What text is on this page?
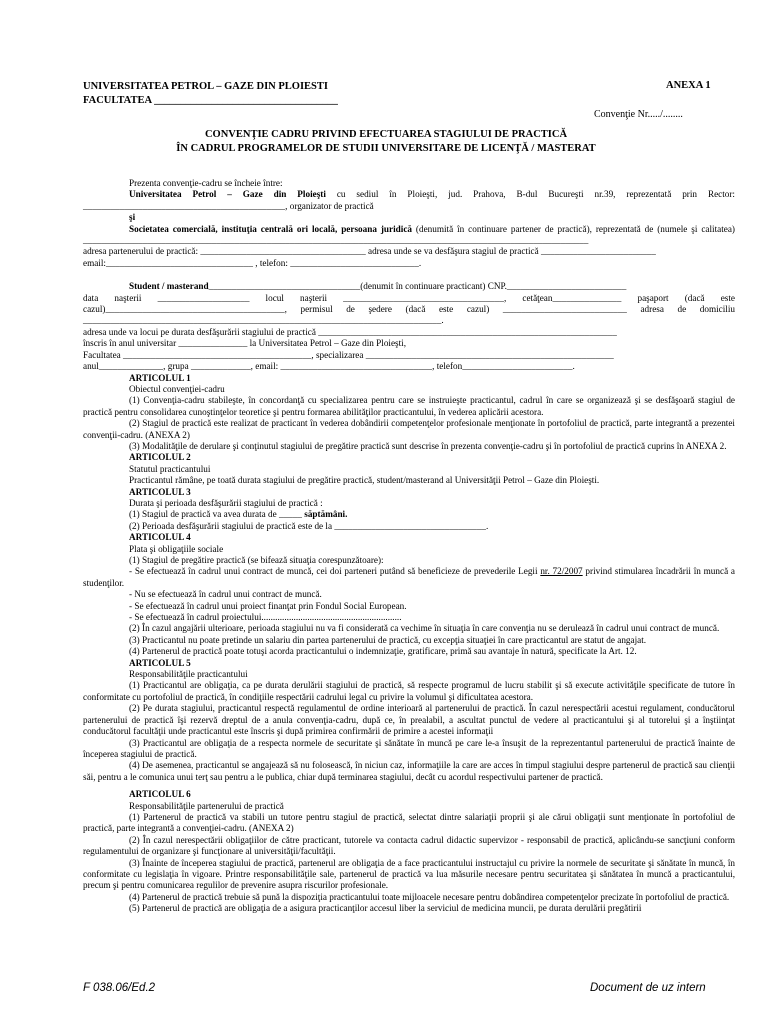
UNIVERSITATEA PETROL – GAZE DIN PLOIESTI
FACULTATEA ___________________________________
ANEXA 1
Convenţie Nr...../........
CONVENŢIE CADRU PRIVIND EFECTUAREA STAGIULUI DE PRACTICĂ
ÎN CADRUL PROGRAMELOR DE STUDII UNIVERSITARE DE LICENŢĂ / MASTERAT

Prezenta convenţie-cadru se încheie între:

Universitatea Petrol – Gaze din Ploieşti cu sediul în Ploieşti, jud. Prahova, B-dul Bucureşti nr.39, reprezentată prin Rector: ____________________________________________, organizator de practică

şi

Societatea comercială, instituţia centrală ori locală, persoana juridică (denumită în continuare partener de practică), reprezentată de (numele şi calitatea) ______________________________________________________________________________________________________________

adresa partenerului de practică: ____________________________________ adresa unde se va desfăşura stagiul de practică _________________________

email:________________________________ , telefon: ____________________________.

Student / masterand_________________________________(denumit în continuare practicant) CNP.__________________________

data naşterii ____________________ locul naşterii ___________________________________, cetăţean_______________ paşaport (dacă este cazul)_______________________________________, permisul de şedere (dacă este cazul) ___________________________ adresa de domiciliu ______________________________________________________________________________.

adresa unde va locui pe durata desfăşurării stagiului de practică _________________________________________________________________

înscris în anul universitar _______________ la Universitatea Petrol – Gaze din Ploieşti,

Facultatea _________________________________________, specializarea ______________________________________________________

anul______________, grupa _____________, email: _________________________________, telefon________________________.

ARTICOLUL 1

Obiectul convenţiei-cadru

(1) Convenţia-cadru stabileşte, în concordanţă cu specializarea pentru care se instruieşte practicantul, cadrul în care se organizează şi se desfăşoară stagiul de practică pentru consolidarea cunoştinţelor teoretice şi pentru formarea abilităţilor practicantului, în vederea aplicării acestora.

(2) Stagiul de practică este realizat de practicant în vederea dobândirii competenţelor profesionale menţionate în portofoliul de practică, parte integrantă a prezentei convenţii-cadru. (ANEXA 2)

(3) Modalităţile de derulare şi conţinutul stagiului de pregătire practică sunt descrise în prezenta convenţie-cadru şi în portofoliul de practică cuprins în ANEXA 2.

ARTICOLUL 2

Statutul practicantului

Practicantul rămâne, pe toată durata stagiului de pregătire practică, student/masterand al Universităţii Petrol – Gaze din Ploieşti.

ARTICOLUL 3

Durata şi perioada desfăşurării stagiului de practică :

(1) Stagiul de practică va avea durata de _____ săptămâni.

(2) Perioada desfăşurării stagiului de practică este de la _________________________________.

ARTICOLUL 4

Plata şi obligaţiile sociale

(1) Stagiul de pregătire practică (se bifează situaţia corespunzătoare):

- Se efectuează în cadrul unui contract de muncă, cei doi parteneri putând să beneficieze de prevederile Legii nr. 72/2007 privind stimularea încadrării în muncă a studenţilor.

- Nu se efectuează în cadrul unui contract de muncă.

- Se efectuează în cadrul unui proiect finanţat prin Fondul Social European.

- Se efectuează în cadrul proiectului.............................................................

(2) În cazul angajării ulterioare, perioada stagiului nu va fi considerată ca vechime în situaţia în care convenţia nu se derulează în cadrul unui contract de muncă.

(3) Practicantul nu poate pretinde un salariu din partea partenerului de practică, cu excepţia situaţiei în care practicantul are statut de angajat.

(4) Partenerul de practică poate totuşi acorda practicantului o indemnizaţie, gratificare, primă sau avantaje în natură, specificate la Art. 12.

ARTICOLUL 5

Responsabilităţile practicantului

(1) Practicantul are obligaţia, ca pe durata derulării stagiului de practică, să respecte programul de lucru stabilit şi să execute activităţile specificate de tutore în conformitate cu portofoliul de practică, în condiţiile respectării cadrului legal cu privire la volumul şi dificultatea acestora.

(2) Pe durata stagiului, practicantul respectă regulamentul de ordine interioară al partenerului de practică. În cazul nerespectării acestui regulament, conducătorul partenerului de practică îşi rezervă dreptul de a anula convenţia-cadru, după ce, în prealabil, a ascultat punctul de vedere al practicantului şi al tutorelui şi a înştiinţat conducătorul facultăţii unde practicantul este înscris şi după primirea confirmării de primire a acestei informaţii

(3) Practicantul are obligaţia de a respecta normele de securitate şi sănătate în muncă pe care le-a însuşit de la reprezentantul partenerului de practică înainte de începerea stagiului de practică.

(4) De asemenea, practicantul se angajează să nu folosească, în niciun caz, informaţiile la care are acces în timpul stagiului despre partenerul de practică sau clienţii săi, pentru a le comunica unui terţ sau pentru a le publica, chiar după terminarea stagiului, decât cu acordul respectivului partener de practică.

ARTICOLUL 6

Responsabilităţile partenerului de practică

(1) Partenerul de practică va stabili un tutore pentru stagiul de practică, selectat dintre salariaţii proprii şi ale cărui obligaţii sunt menţionate în portofoliul de practică, parte integrantă a convenţiei-cadru. (ANEXA 2)

(2) În cazul nerespectării obligaţiilor de către practicant, tutorele va contacta cadrul didactic supervizor - responsabil de practică, aplicându-se sancţiuni conform regulamentului de organizare şi funcţionare al universităţii/facultăţii.

(3) Înainte de începerea stagiului de practică, partenerul are obligaţia de a face practicantului instructajul cu privire la normele de securitate şi sănătate în muncă, în conformitate cu legislaţia în vigoare. Printre responsabilităţile sale, partenerul de practică va lua măsurile necesare pentru securitatea şi sănătatea în muncă a practicantului, precum şi pentru comunicarea regulilor de prevenire asupra riscurilor profesionale.

(4) Partenerul de practică trebuie să pună la dispoziţia practicantului toate mijloacele necesare pentru dobândirea competenţelor precizate în portofoliul de practică.

(5) Partenerul de practică are obligaţia de a asigura practicanţilor accesul liber la serviciul de medicina muncii, pe durata derulării pregătirii

F 038.06/Ed.2	Document de uz intern
